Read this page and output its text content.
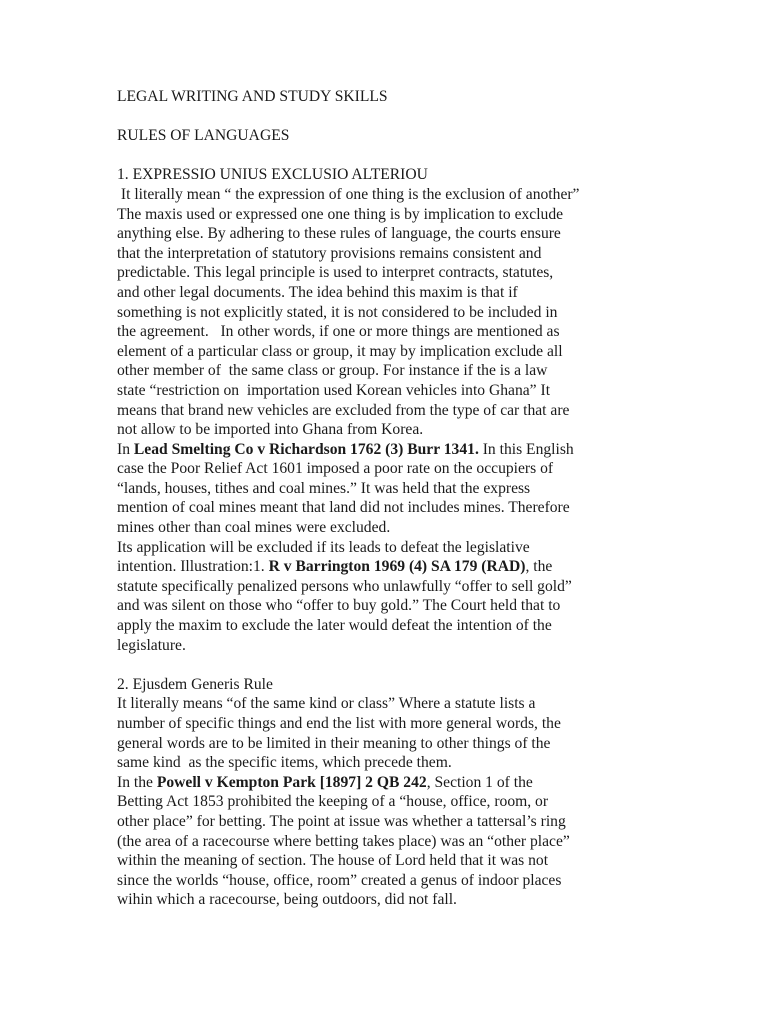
LEGAL WRITING AND STUDY SKILLS
RULES OF LANGUAGES
1. EXPRESSIO UNIUS EXCLUSIO ALTERIOU
It literally mean “ the expression of one thing is the exclusion of another”
The maxis used or expressed one one thing is by implication to exclude
anything else. By adhering to these rules of language, the courts ensure
that the interpretation of statutory provisions remains consistent and
predictable. This legal principle is used to interpret contracts, statutes,
and other legal documents. The idea behind this maxim is that if
something is not explicitly stated, it is not considered to be included in
the agreement.   In other words, if one or more things are mentioned as
element of a particular class or group, it may by implication exclude all
other member of  the same class or group. For instance if the is a law
state “restriction on  importation used Korean vehicles into Ghana” It
means that brand new vehicles are excluded from the type of car that are
not allow to be imported into Ghana from Korea.
In Lead Smelting Co v Richardson 1762 (3) Burr 1341. In this English
case the Poor Relief Act 1601 imposed a poor rate on the occupiers of
“lands, houses, tithes and coal mines.” It was held that the express
mention of coal mines meant that land did not includes mines. Therefore
mines other than coal mines were excluded.
Its application will be excluded if its leads to defeat the legislative
intention. Illustration:1. R v Barrington 1969 (4) SA 179 (RAD), the
statute specifically penalized persons who unlawfully “offer to sell gold”
and was silent on those who “offer to buy gold.” The Court held that to
apply the maxim to exclude the later would defeat the intention of the
legislature.
2. Ejusdem Generis Rule
It literally means “of the same kind or class” Where a statute lists a
number of specific things and end the list with more general words, the
general words are to be limited in their meaning to other things of the
same kind  as the specific items, which precede them.
In the Powell v Kempton Park [1897] 2 QB 242, Section 1 of the
Betting Act 1853 prohibited the keeping of a “house, office, room, or
other place” for betting. The point at issue was whether a tattersal’s ring
(the area of a racecourse where betting takes place) was an “other place”
within the meaning of section. The house of Lord held that it was not
since the worlds “house, office, room” created a genus of indoor places
wihin which a racecourse, being outdoors, did not fall.
